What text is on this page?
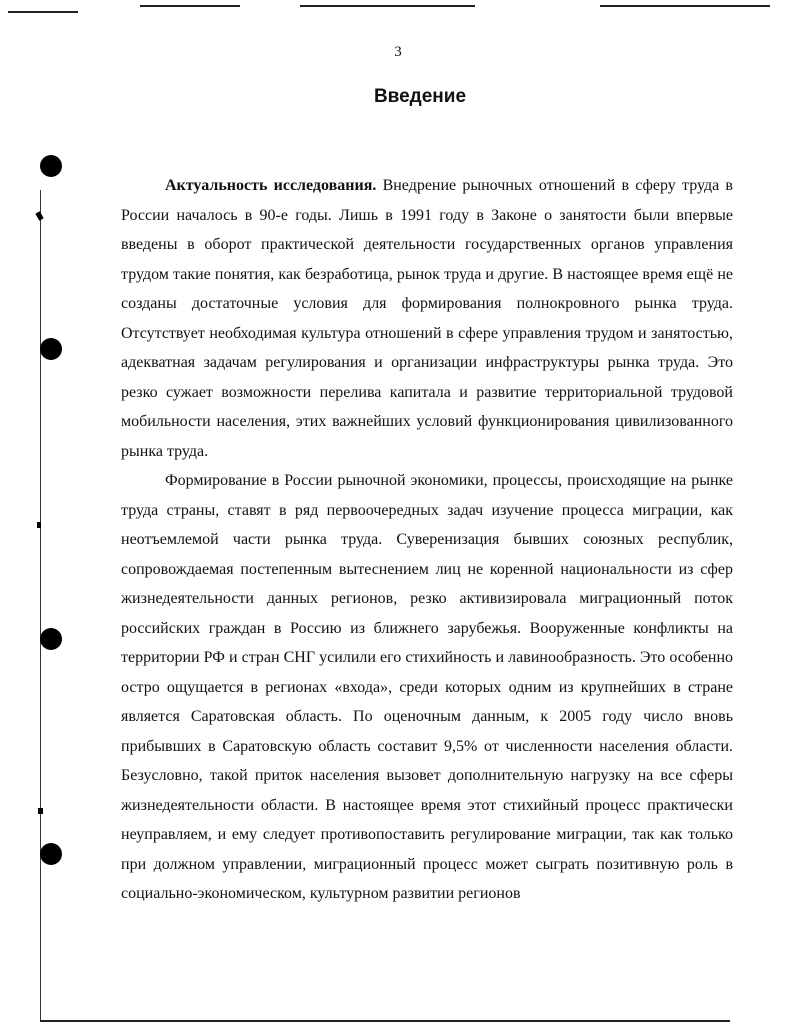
3
Введение

Актуальность исследования. Внедрение рыночных отношений в сферу труда в России началось в 90-е годы. Лишь в 1991 году в Законе о занятости были впервые введены в оборот практической деятельности государственных органов управления трудом такие понятия, как безработица, рынок труда и другие. В настоящее время ещё не созданы достаточные условия для формирования полнокровного рынка труда. Отсутствует необходимая культура отношений в сфере управления трудом и занятостью, адекватная задачам регулирования и организации инфраструктуры рынка труда. Это резко сужает возможности перелива капитала и развитие территориальной трудовой мобильности населения, этих важнейших условий функционирования цивилизованного рынка труда.

Формирование в России рыночной экономики, процессы, происходящие на рынке труда страны, ставят в ряд первоочередных задач изучение процесса миграции, как неотъемлемой части рынка труда. Суверенизация бывших союзных республик, сопровождаемая постепенным вытеснением лиц не коренной национальности из сфер жизнедеятельности данных регионов, резко активизировала миграционный поток российских граждан в Россию из ближнего зарубежья. Вооруженные конфликты на территории РФ и стран СНГ усилили его стихийность и лавинообразность. Это особенно остро ощущается в регионах «входа», среди которых одним из крупнейших в стране является Саратовская область. По оценочным данным, к 2005 году число вновь прибывших в Саратовскую область составит 9,5% от численности населения области. Безусловно, такой приток населения вызовет дополнительную нагрузку на все сферы жизнедеятельности области. В настоящее время этот стихийный процесс практически неуправляем, и ему следует противопоставить регулирование миграции, так как только при должном управлении, миграционный процесс может сыграть позитивную роль в социально-экономическом, культурном развитии регионов
